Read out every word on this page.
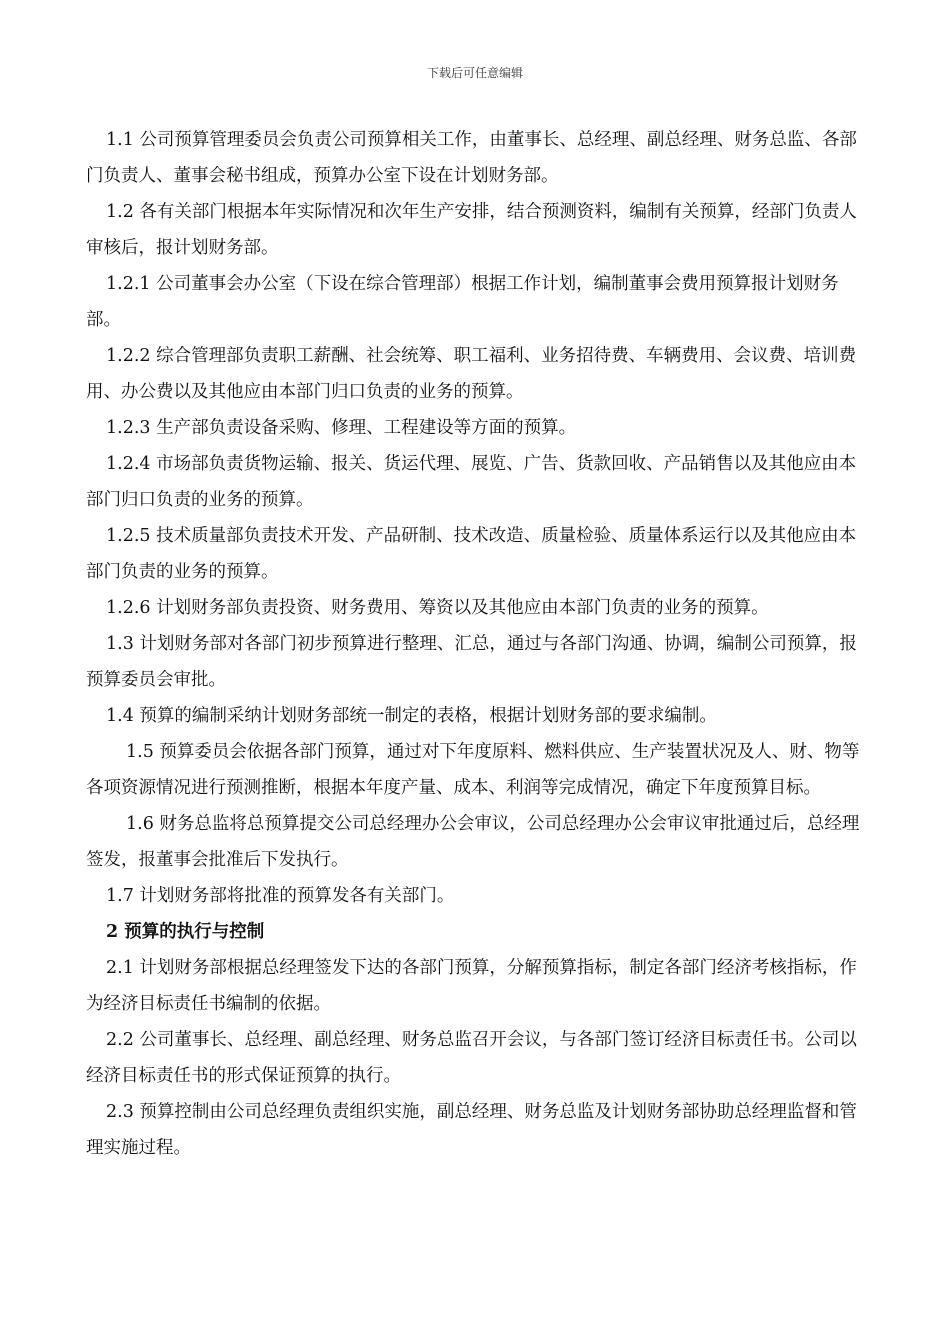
下载后可任意编辑

1.1 公司预算管理委员会负责公司预算相关工作，由董事长、总经理、副总经理、财务总监、各部门负责人、董事会秘书组成，预算办公室下设在计划财务部。

1.2 各有关部门根据本年实际情况和次年生产安排，结合预测资料，编制有关预算，经部门负责人审核后，报计划财务部。

1.2.1 公司董事会办公室（下设在综合管理部）根据工作计划，编制董事会费用预算报计划财务部。

1.2.2 综合管理部负责职工薪酬、社会统筹、职工福利、业务招待费、车辆费用、会议费、培训费用、办公费以及其他应由本部门归口负责的业务的预算。

1.2.3 生产部负责设备采购、修理、工程建设等方面的预算。

1.2.4 市场部负责货物运输、报关、货运代理、展览、广告、货款回收、产品销售以及其他应由本部门归口负责的业务的预算。

1.2.5 技术质量部负责技术开发、产品研制、技术改造、质量检验、质量体系运行以及其他应由本部门负责的业务的预算。

1.2.6 计划财务部负责投资、财务费用、筹资以及其他应由本部门负责的业务的预算。

1.3 计划财务部对各部门初步预算进行整理、汇总，通过与各部门沟通、协调，编制公司预算，报预算委员会审批。

1.4 预算的编制采纳计划财务部统一制定的表格，根据计划财务部的要求编制。

1.5 预算委员会依据各部门预算，通过对下年度原料、燃料供应、生产装置状况及人、财、物等各项资源情况进行预测推断，根据本年度产量、成本、利润等完成情况，确定下年度预算目标。

1.6 财务总监将总预算提交公司总经理办公会审议，公司总经理办公会审议审批通过后，总经理签发，报董事会批准后下发执行。

1.7 计划财务部将批准的预算发各有关部门。

2 预算的执行与控制

2.1 计划财务部根据总经理签发下达的各部门预算，分解预算指标，制定各部门经济考核指标，作为经济目标责任书编制的依据。

2.2 公司董事长、总经理、副总经理、财务总监召开会议，与各部门签订经济目标责任书。公司以经济目标责任书的形式保证预算的执行。

2.3 预算控制由公司总经理负责组织实施，副总经理、财务总监及计划财务部协助总经理监督和管理实施过程。
